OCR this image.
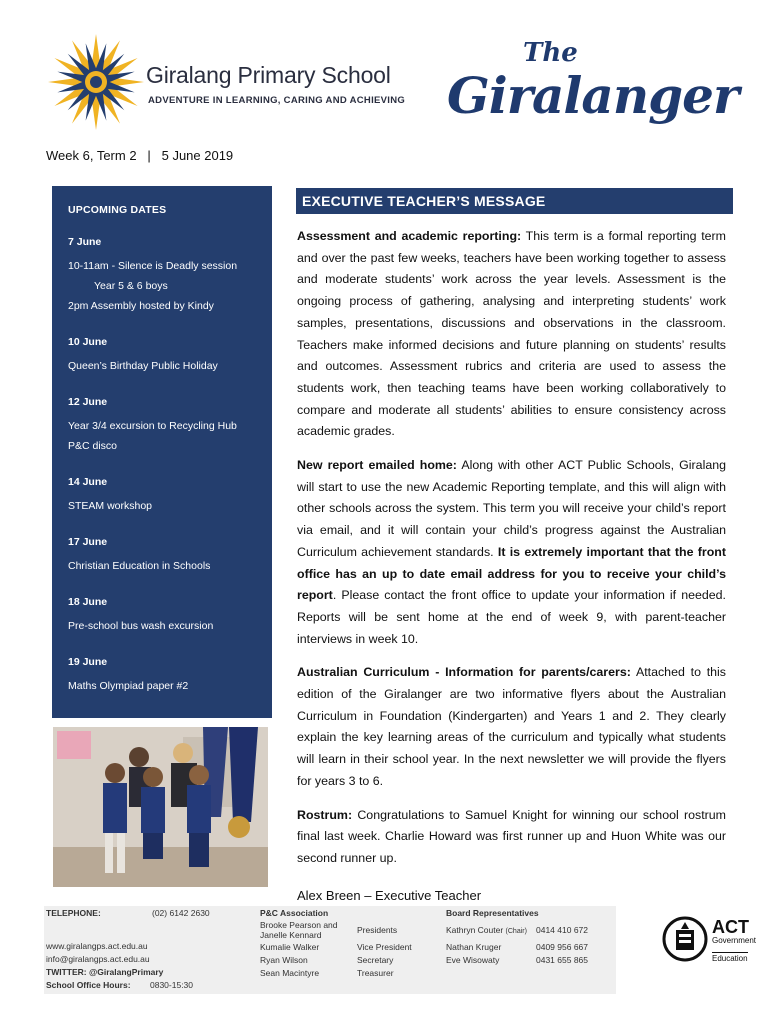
Giralang Primary School
ADVENTURE IN LEARNING, CARING AND ACHIEVING
The
Giralanger
Week 6, Term 2   |   5 June 2019
UPCOMING DATES
7 June
10-11am - Silence is Deadly session
Year 5 & 6 boys
2pm Assembly hosted by Kindy
10 June
Queen’s Birthday Public Holiday
12 June
Year 3/4 excursion to Recycling Hub
P&C disco
14 June
STEAM workshop
17 June
Christian Education in Schools
18 June
Pre-school bus wash excursion
19 June
Maths Olympiad paper #2
EXECUTIVE TEACHER’S MESSAGE

Assessment and academic reporting: This term is a formal reporting term and over the past few weeks, teachers have been working together to assess and moderate students’ work across the year levels. Assessment is the ongoing process of gathering, analysing and interpreting students’ work samples, presentations, discussions and observations in the classroom. Teachers make informed decisions and future planning on students’ results and outcomes. Assessment rubrics and criteria are used to assess the students work, then teaching teams have been working collaboratively to compare and moderate all students’ abilities to ensure consistency across academic grades.

New report emailed home: Along with other ACT Public Schools, Giralang will start to use the new Academic Reporting template, and this will align with other schools across the system. This term you will receive your child’s report via email, and it will contain your child’s progress against the Australian Curriculum achievement standards. It is extremely important that the front office has an up to date email address for you to receive your child’s report. Please contact the front office to update your information if needed. Reports will be sent home at the end of week 9, with parent-teacher interviews in week 10.

Australian Curriculum - Information for parents/carers: Attached to this edition of the Giralanger are two informative flyers about the Australian Curriculum in Foundation (Kindergarten) and Years 1 and 2. They clearly explain the key learning areas of the curriculum and typically what students will learn in their school year. In the next newsletter we will provide the flyers for years 3 to 6.

Rostrum: Congratulations to Samuel Knight for winning our school rostrum final last week. Charlie Howard was first runner up and Huon White was our second runner up.

Alex Breen – Executive Teacher
TELEPHONE:	(02) 6142 2630
www.giralangps.act.edu.au
info@giralangps.act.edu.au
TWITTER: @GiralangPrimary
School Office Hours: 0830-15:30
P&C Association
Brooke Pearson and
Janelle Kennard	Presidents
Kumalie Walker	Vice President
Ryan Wilson	Secretary
Sean Macintyre	Treasurer
Board Representatives
Kathryn Couter (Chair) 0414 410 672
Nathan Kruger	0409 956 667
Eve Wisowaty	0431 655 865
ACT
Government
Education
